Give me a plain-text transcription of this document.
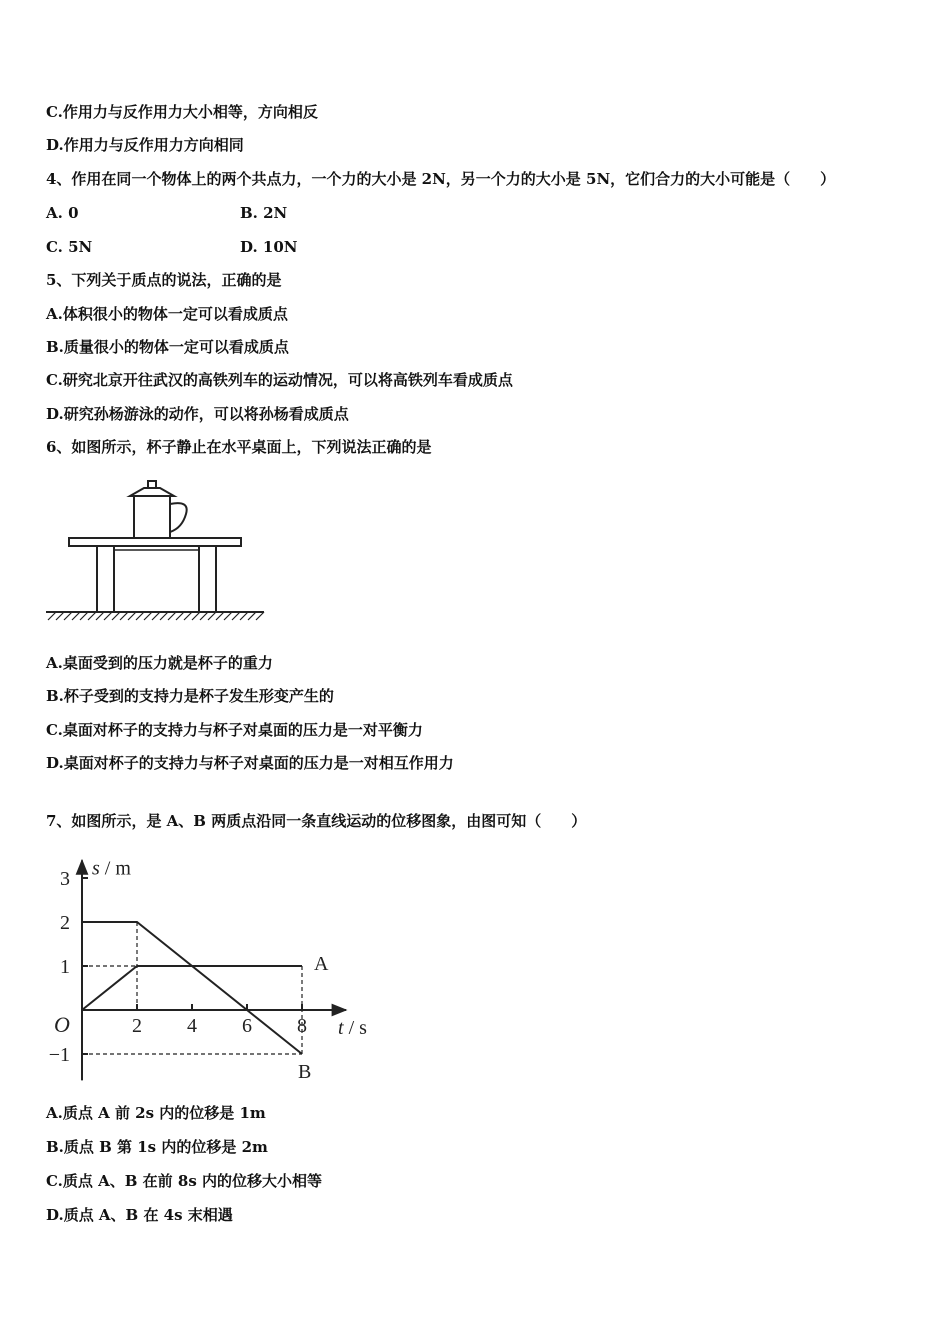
C.作用力与反作用力大小相等，方向相反
D.作用力与反作用力方向相同
4、作用在同一个物体上的两个共点力，一个力的大小是 2N，另一个力的大小是 5N，它们合力的大小可能是（　　）
A. 0	B. 2N
C. 5N	D. 10N
5、下列关于质点的说法，正确的是
A.体积很小的物体一定可以看成质点
B.质量很小的物体一定可以看成质点
C.研究北京开往武汉的高铁列车的运动情况，可以将高铁列车看成质点
D.研究孙杨游泳的动作，可以将孙杨看成质点
6、如图所示，杯子静止在水平桌面上，下列说法正确的是
A.桌面受到的压力就是杯子的重力
B.杯子受到的支持力是杯子发生形变产生的
C.桌面对杯子的支持力与杯子对桌面的压力是一对平衡力
D.桌面对杯子的支持力与杯子对桌面的压力是一对相互作用力
7、如图所示，是 A、B 两质点沿同一条直线运动的位移图象，由图可知（　　）
2 4 6 8
3
2
1
−1
A
B
O
s / m
t / s
A.质点 A 前 2s 内的位移是 1m
B.质点 B 第 1s 内的位移是 2m
C.质点 A、B 在前 8s 内的位移大小相等
D.质点 A、B 在 4s 末相遇
